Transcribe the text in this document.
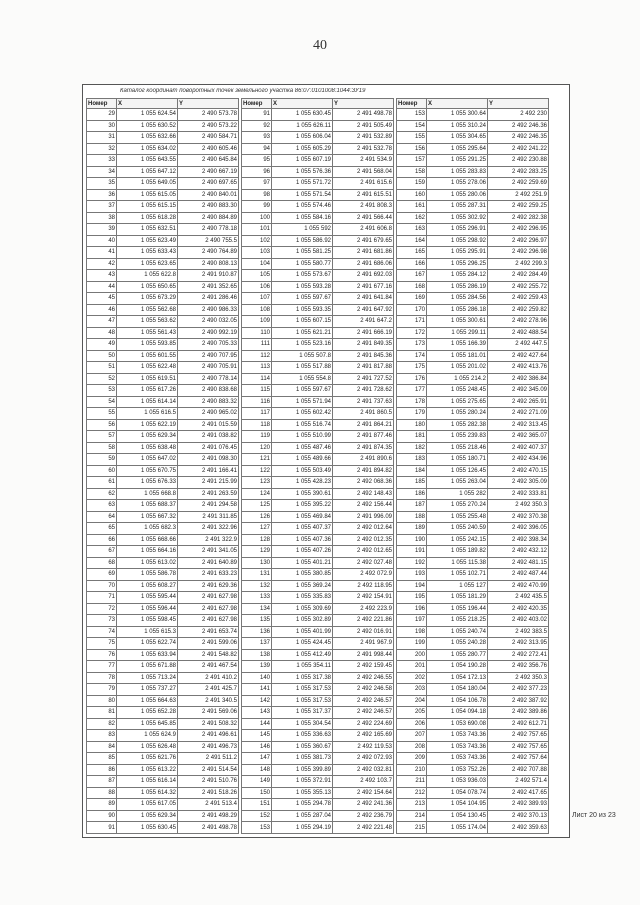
40
Каталог координат поворотных точек земельного участка 86:07:0101008:1044:ЗУ19
Номер	X	Y
29	1 055 624.54	2 490 573.78
30	1 055 630.52	2 490 573.22
31	1 055 632.66	2 490 584.71
32	1 055 634.02	2 490 605.46
33	1 055 643.55	2 490 645.84
34	1 055 647.12	2 490 667.19
35	1 055 649.05	2 490 697.65
36	1 055 615.05	2 490 840.01
37	1 055 615.15	2 490 883.30
38	1 055 618.28	2 490 884.89
39	1 055 632.51	2 490 778.18
40	1 055 623.49	2 490 755.5
41	1 055 633.43	2 490 764.89
42	1 055 623.65	2 490 808.13
43	1 055 622.8	2 491 910.87
44	1 055 650.65	2 491 352.65
45	1 055 673.29	2 491 286.46
46	1 055 562.68	2 490 986.33
47	1 055 563.62	2 490 032.05
48	1 055 561.43	2 490 992.19
49	1 055 593.85	2 490 705.33
50	1 055 601.55	2 490 707.95
51	1 055 622.48	2 490 705.91
52	1 055 619.51	2 490 778.14
53	1 055 617.26	2 490 838.68
54	1 055 614.14	2 490 883.32
55	1 055 616.5	2 490 965.02
56	1 055 622.19	2 491 015.59
57	1 055 629.34	2 491 038.82
58	1 055 638.48	2 491 076.45
59	1 055 647.02	2 491 098.30
60	1 055 670.75	2 491 166.41
61	1 055 676.33	2 491 215.99
62	1 055 668.8	2 491 263.59
63	1 055 688.37	2 491 294.58
64	1 055 667.32	2 491 311.85
65	1 055 682.3	2 491 322.96
66	1 055 668.66	2 491 322.9
67	1 055 664.16	2 491 341.05
68	1 055 613.02	2 491 640.89
69	1 055 586.78	2 491 633.23
70	1 055 608.27	2 491 629.36
71	1 055 595.44	2 491 627.98
72	1 055 596.44	2 491 627.98
73	1 055 598.45	2 491 627.98
74	1 055 615.3	2 491 653.74
75	1 055 622.74	2 491 599.06
76	1 055 633.94	2 491 548.82
77	1 055 671.88	2 491 467.54
78	1 055 713.24	2 491 410.2
79	1 055 737.27	2 491 425.7
80	1 055 664.63	2 491 340.5
81	1 055 652.28	2 491 569.06
82	1 055 645.85	2 491 508.32
83	1 055 624.9	2 491 496.61
84	1 055 626.48	2 491 496.73
85	1 055 621.76	2 491 511.2
86	1 055 613.22	2 491 514.54
87	1 055 616.14	2 491 510.76
88	1 055 614.32	2 491 518.26
89	1 055 617.05	2 491 513.4
90	1 055 629.34	2 491 498.29
91	1 055 630.45	2 491 498.78
Номер	X	Y
91	1 055 630.45	2 491 498.78
92	1 055 626.11	2 491 505.49
93	1 055 606.04	2 491 532.89
94	1 055 605.29	2 491 532.78
95	1 055 607.19	2 491 534.9
96	1 055 576.36	2 491 568.04
97	1 055 571.72	2 491 615.6
98	1 055 571.54	2 491 615.51
99	1 055 574.46	2 491 808.3
100	1 055 584.16	2 491 566.44
101	1 055 592	2 491 606.8
102	1 055 586.92	2 491 679.65
103	1 055 581.25	2 491 681.86
104	1 055 580.77	2 491 686.06
105	1 055 573.67	2 491 692.03
106	1 055 593.28	2 491 677.16
107	1 055 597.67	2 491 641.84
108	1 055 593.35	2 491 647.92
109	1 055 607.15	2 491 647.2
110	1 055 621.21	2 491 666.19
111	1 055 523.16	2 491 849.35
112	1 055 507.8	2 491 845.36
113	1 055 517.88	2 491 817.88
114	1 055 554.8	2 491 727.52
115	1 055 597.67	2 491 728.62
116	1 055 571.94	2 491 737.63
117	1 055 602.42	2 491 860.5
118	1 055 516.74	2 491 864.21
119	1 055 510.99	2 491 877.46
120	1 055 487.46	2 491 874.35
121	1 055 489.66	2 491 890.6
122	1 055 503.49	2 491 894.82
123	1 055 428.23	2 492 068.36
124	1 055 390.61	2 492 148.43
125	1 055 395.22	2 492 156.44
126	1 055 469.84	2 491 996.09
127	1 055 407.37	2 492 012.64
128	1 055 407.36	2 492 012.35
129	1 055 407.26	2 492 012.65
130	1 055 401.21	2 492 027.48
131	1 055 380.85	2 492 072.9
132	1 055 369.24	2 492 118.95
133	1 055 335.83	2 492 154.91
134	1 055 309.69	2 492 223.9
135	1 055 302.89	2 492 221.86
136	1 055 401.99	2 492 016.91
137	1 055 424.45	2 491 967.9
138	1 055 412.49	2 491 998.44
139	1 055 354.11	2 492 159.45
140	1 055 317.38	2 492 246.55
141	1 055 317.53	2 492 246.58
142	1 055 317.53	2 492 246.57
143	1 055 317.37	2 492 246.57
144	1 055 304.54	2 492 224.69
145	1 055 336.63	2 492 165.69
146	1 055 360.67	2 492 119.53
147	1 055 381.73	2 492 072.93
148	1 055 399.89	2 492 032.81
149	1 055 372.91	2 492 103.7
150	1 055 355.13	2 492 154.64
151	1 055 294.78	2 492 241.36
152	1 055 287.04	2 492 236.79
153	1 055 294.19	2 492 221.48
Номер	X	Y
153	1 055 300.64	2 492 230
154	1 055 310.24	2 492 246.36
155	1 055 304.65	2 492 246.35
156	1 055 295.64	2 492 241.22
157	1 055 291.25	2 492 230.88
158	1 055 283.83	2 492 283.25
159	1 055 278.06	2 492 259.69
160	1 055 280.06	2 492 251.9
161	1 055 287.31	2 492 259.25
162	1 055 302.92	2 492 282.38
163	1 055 296.91	2 492 296.95
164	1 055 298.92	2 492 296.97
165	1 055 295.91	2 492 296.98
166	1 055 296.25	2 492 299.3
167	1 055 284.12	2 492 284.49
168	1 055 286.19	2 492 255.72
169	1 055 284.56	2 492 259.43
170	1 055 286.18	2 492 259.82
171	1 055 300.61	2 492 278.96
172	1 055 299.11	2 492 488.54
173	1 055 166.39	2 492 447.5
174	1 055 181.01	2 492 427.64
175	1 055 201.02	2 492 413.76
176	1 055 214.2	2 492 386.84
177	1 055 248.45	2 492 345.09
178	1 055 275.65	2 492 265.91
179	1 055 280.24	2 492 271.09
180	1 055 282.38	2 492 313.45
181	1 055 239.83	2 492 365.07
182	1 055 218.46	2 492 407.37
183	1 055 180.71	2 492 434.96
184	1 055 126.45	2 492 470.15
185	1 055 263.04	2 492 305.09
186	1 055 282	2 492 333.81
187	1 055 270.24	2 492 350.3
188	1 055 255.48	2 492 370.38
189	1 055 240.59	2 492 396.05
190	1 055 242.15	2 492 398.34
191	1 055 189.82	2 492 432.12
192	1 055 115.38	2 492 481.15
193	1 055 102.71	2 492 487.44
194	1 055 127	2 492 470.99
195	1 055 181.29	2 492 435.5
196	1 055 196.44	2 492 420.35
197	1 055 218.25	2 492 403.02
198	1 055 240.74	2 492 383.5
199	1 055 240.28	2 492 313.95
200	1 055 280.77	2 492 272.41
201	1 054 190.28	2 492 356.76
202	1 054 172.13	2 492 350.3
203	1 054 180.04	2 492 377.23
204	1 054 106.78	2 492 387.92
205	1 054 094.18	2 492 389.86
206	1 053 690.08	2 492 612.71
207	1 053 743.36	2 492 757.65
208	1 053 743.36	2 492 757.65
209	1 053 743.36	2 492 757.64
210	1 053 752.26	2 492 707.88
211	1 053 936.03	2 492 571.4
212	1 054 078.74	2 492 417.65
213	1 054 104.95	2 492 389.93
214	1 054 130.45	2 492 370.13
215	1 055 174.04	2 492 359.63
Лист 20 из 23
